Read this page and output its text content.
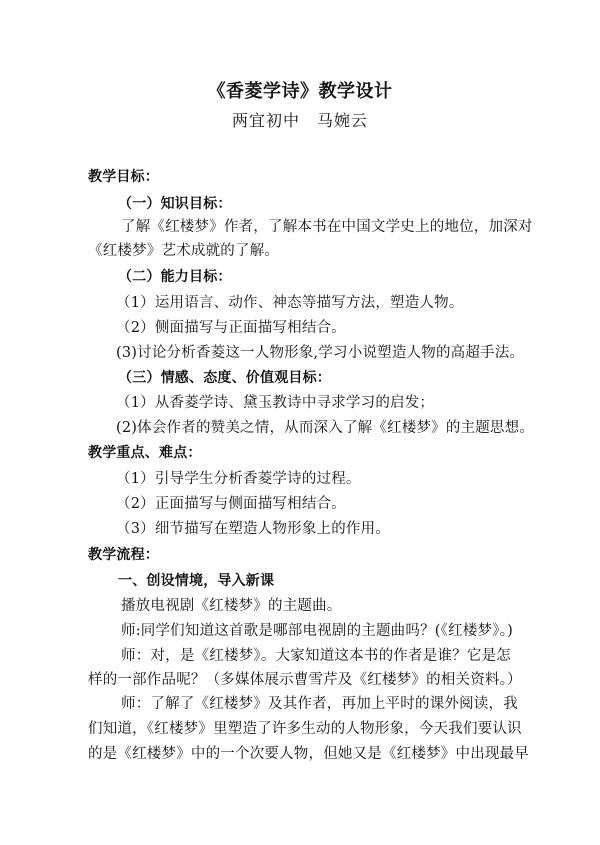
《香菱学诗》教学设计
两宜初中　马婉云
教学目标：
（一）知识目标：
了解《红楼梦》作者，了解本书在中国文学史上的地位，加深对
《红楼梦》艺术成就的了解。
（二）能力目标：
（1）运用语言、动作、神态等描写方法，塑造人物。
（2）侧面描写与正面描写相结合。
(3)讨论分析香菱这一人物形象,学习小说塑造人物的高超手法。
（三）情感、态度、价值观目标：
（1）从香菱学诗、黛玉教诗中寻求学习的启发；
(2)体会作者的赞美之情，从而深入了解《红楼梦》的主题思想。
教学重点、难点：
（1）引导学生分析香菱学诗的过程。
（2）正面描写与侧面描写相结合。
（3）细节描写在塑造人物形象上的作用。
教学流程：
一、创设情境，导入新课
播放电视剧《红楼梦》的主题曲。
师:同学们知道这首歌是哪部电视剧的主题曲吗？(《红楼梦》。)
师：对，是《红楼梦》。大家知道这本书的作者是谁？它是怎
样的一部作品呢？（多媒体展示曹雪芹及《红楼梦》的相关资料。）
师：了解了《红楼梦》及其作者，再加上平时的课外阅读，我
们知道，《红楼梦》里塑造了许多生动的人物形象，今天我们要认识
的是《红楼梦》中的一个次要人物，但她又是《红楼梦》中出现最早
